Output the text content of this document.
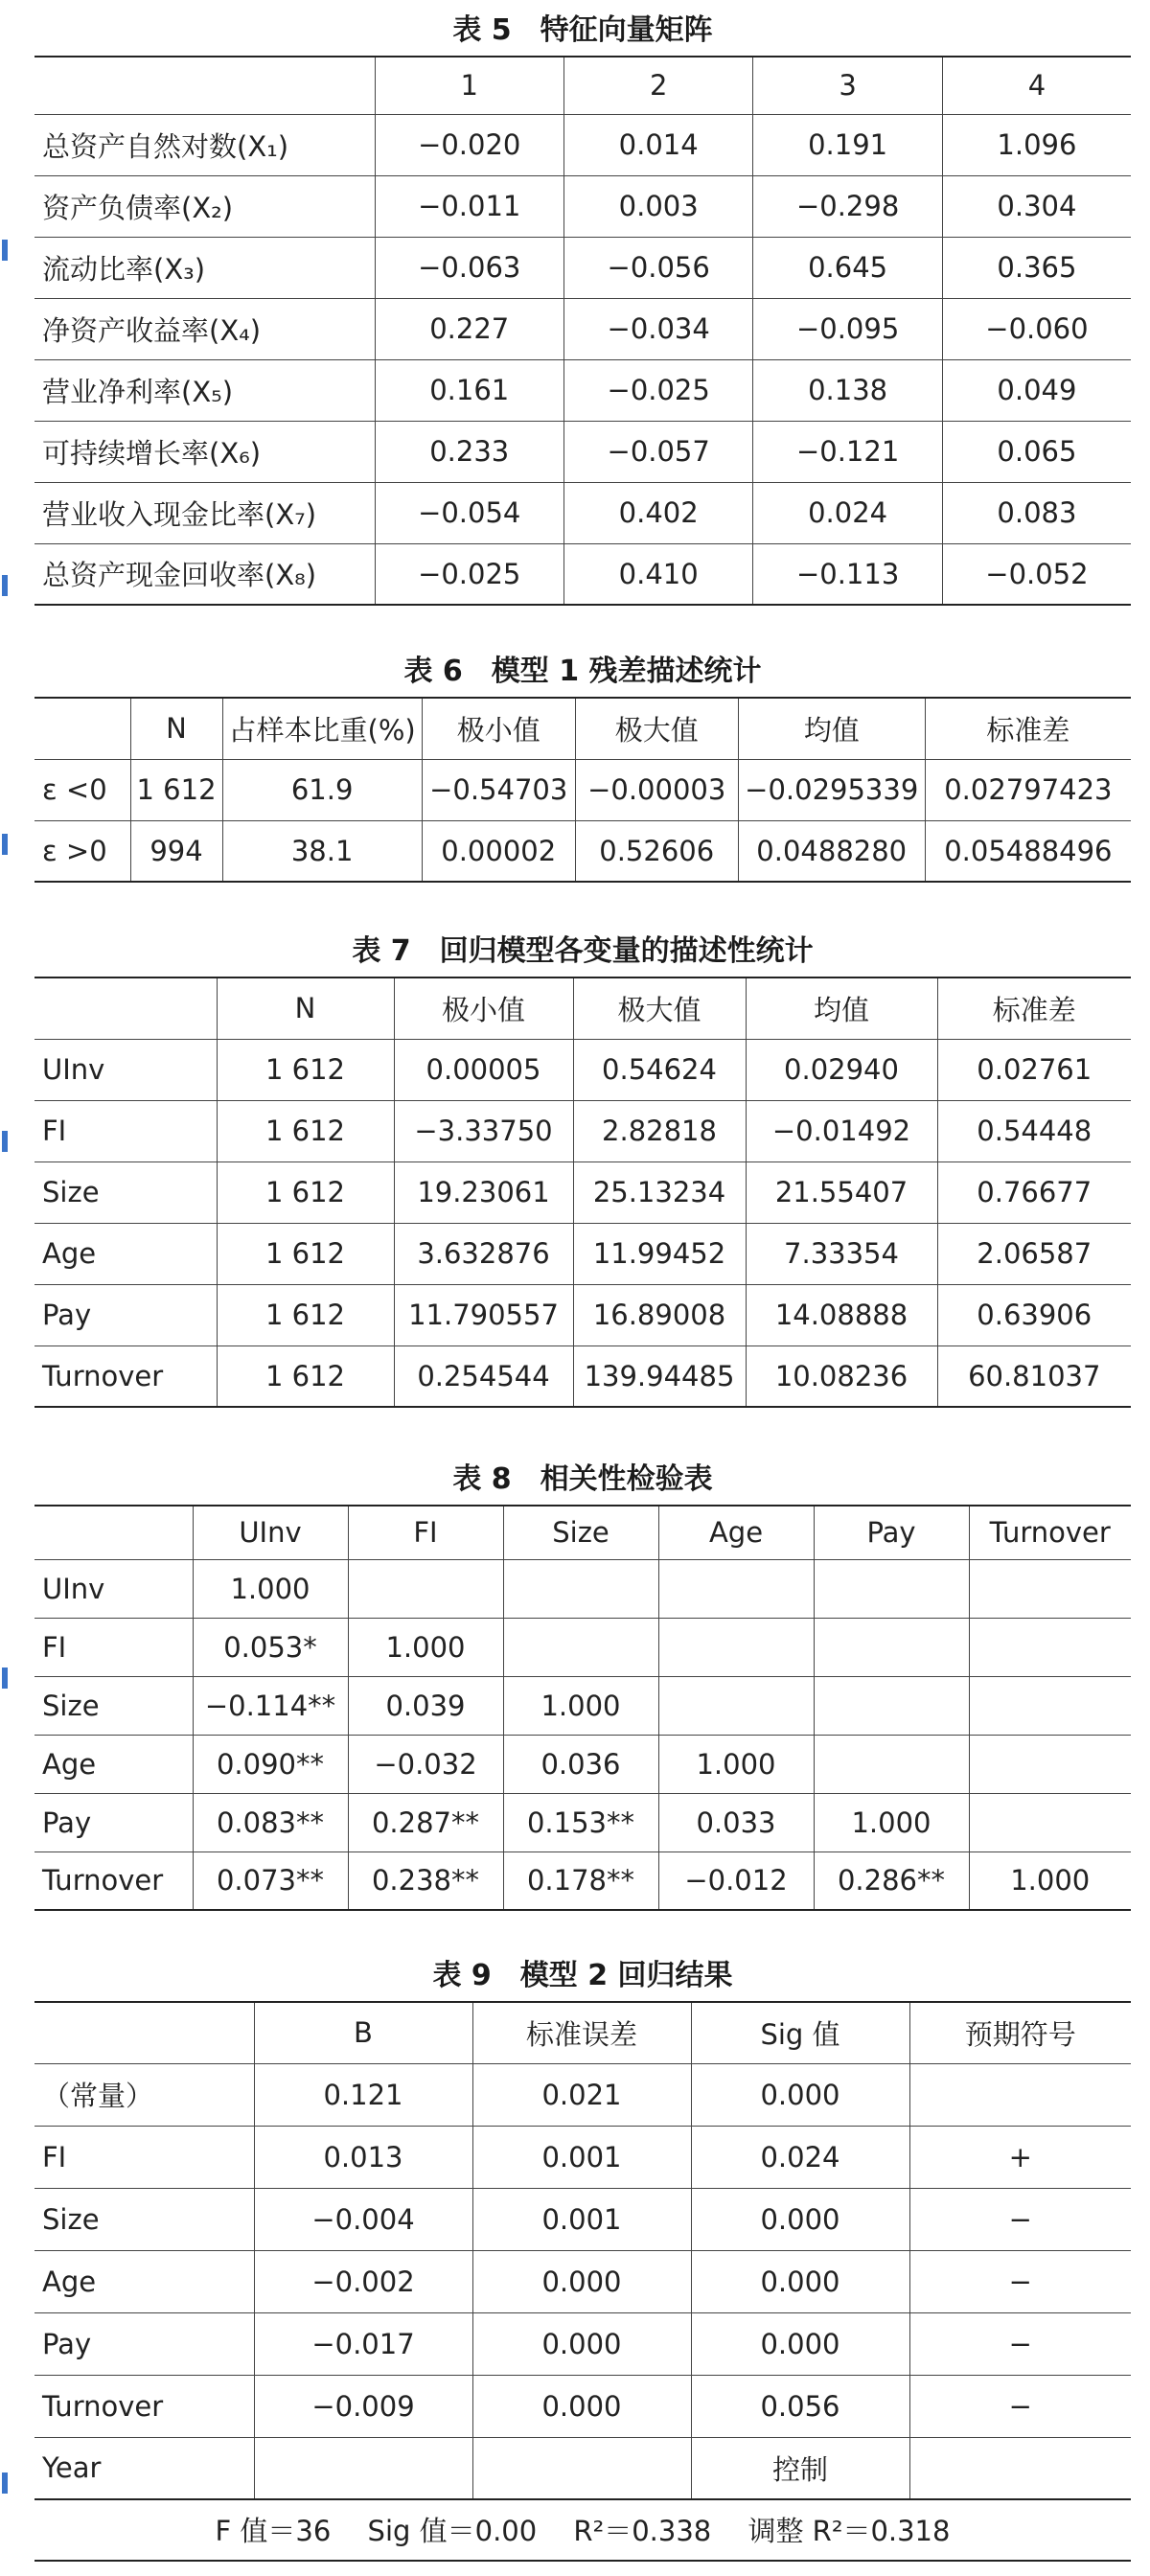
表 5　特征向量矩阵
	1	2	3	4
总资产自然对数(X₁)	−0.020	0.014	0.191	1.096
资产负债率(X₂)	−0.011	0.003	−0.298	0.304
流动比率(X₃)	−0.063	−0.056	0.645	0.365
净资产收益率(X₄)	0.227	−0.034	−0.095	−0.060
营业净利率(X₅)	0.161	−0.025	0.138	0.049
可持续增长率(X₆)	0.233	−0.057	−0.121	0.065
营业收入现金比率(X₇)	−0.054	0.402	0.024	0.083
总资产现金回收率(X₈)	−0.025	0.410	−0.113	−0.052
表 6　模型 1 残差描述统计
	N	占样本比重(%)	极小值	极大值	均值	标准差
ε <0	1 612	61.9	−0.54703	−0.00003	−0.0295339	0.02797423
ε >0	994	38.1	0.00002	0.52606	0.0488280	0.05488496
表 7　回归模型各变量的描述性统计
	N	极小值	极大值	均值	标准差
UInv	1 612	0.00005	0.54624	0.02940	0.02761
FI	1 612	−3.33750	2.82818	−0.01492	0.54448
Size	1 612	19.23061	25.13234	21.55407	0.76677
Age	1 612	3.632876	11.99452	7.33354	2.06587
Pay	1 612	11.790557	16.89008	14.08888	0.63906
Turnover	1 612	0.254544	139.94485	10.08236	60.81037
表 8　相关性检验表
	UInv	FI	Size	Age	Pay	Turnover
UInv	1.000					
FI	0.053*	1.000				
Size	−0.114**	0.039	1.000			
Age	0.090**	−0.032	0.036	1.000		
Pay	0.083**	0.287**	0.153**	0.033	1.000	
Turnover	0.073**	0.238**	0.178**	−0.012	0.286**	1.000
表 9　模型 2 回归结果
	B	标准误差	Sig 值	预期符号
（常量）	0.121	0.021	0.000	
FI	0.013	0.001	0.024	+
Size	−0.004	0.001	0.000	−
Age	−0.002	0.000	0.000	−
Pay	−0.017	0.000	0.000	−
Turnover	−0.009	0.000	0.056	−
Year			控制	
F 值＝36　 Sig 值＝0.00　 R²＝0.338　 调整 R²＝0.318
